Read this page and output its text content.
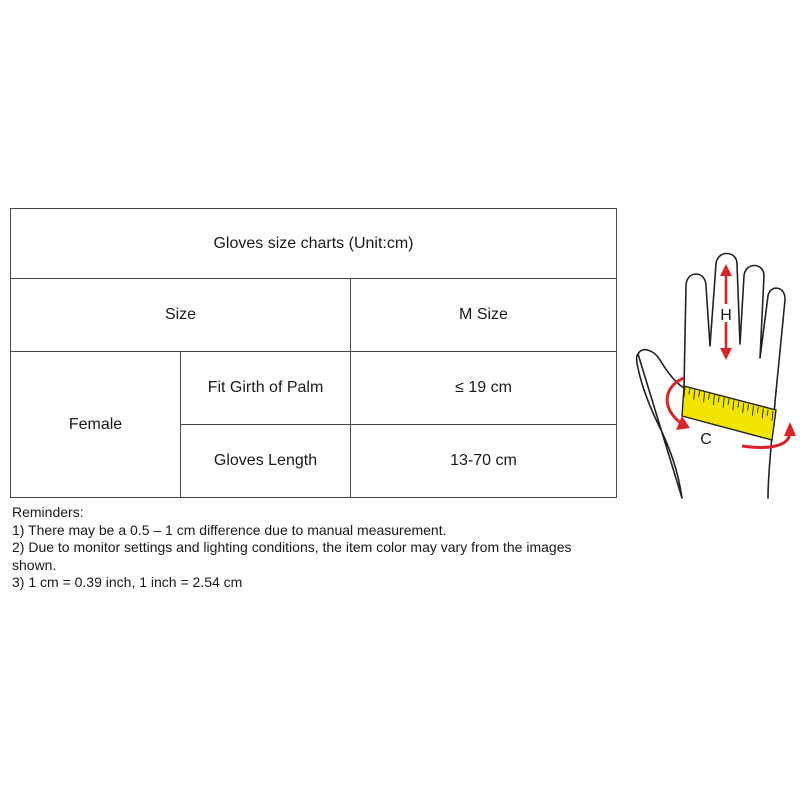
Gloves size charts (Unit:cm)		
Size		M Size
Female	Fit Girth of Palm	≤ 19 cm
	Gloves Length	13-70 cm
Reminders:
1) There may be a 0.5 – 1 cm difference due to manual measurement.
2) Due to monitor settings and lighting conditions, the item color may vary from the images shown.
3) 1 cm = 0.39 inch, 1 inch = 2.54 cm
H
C
